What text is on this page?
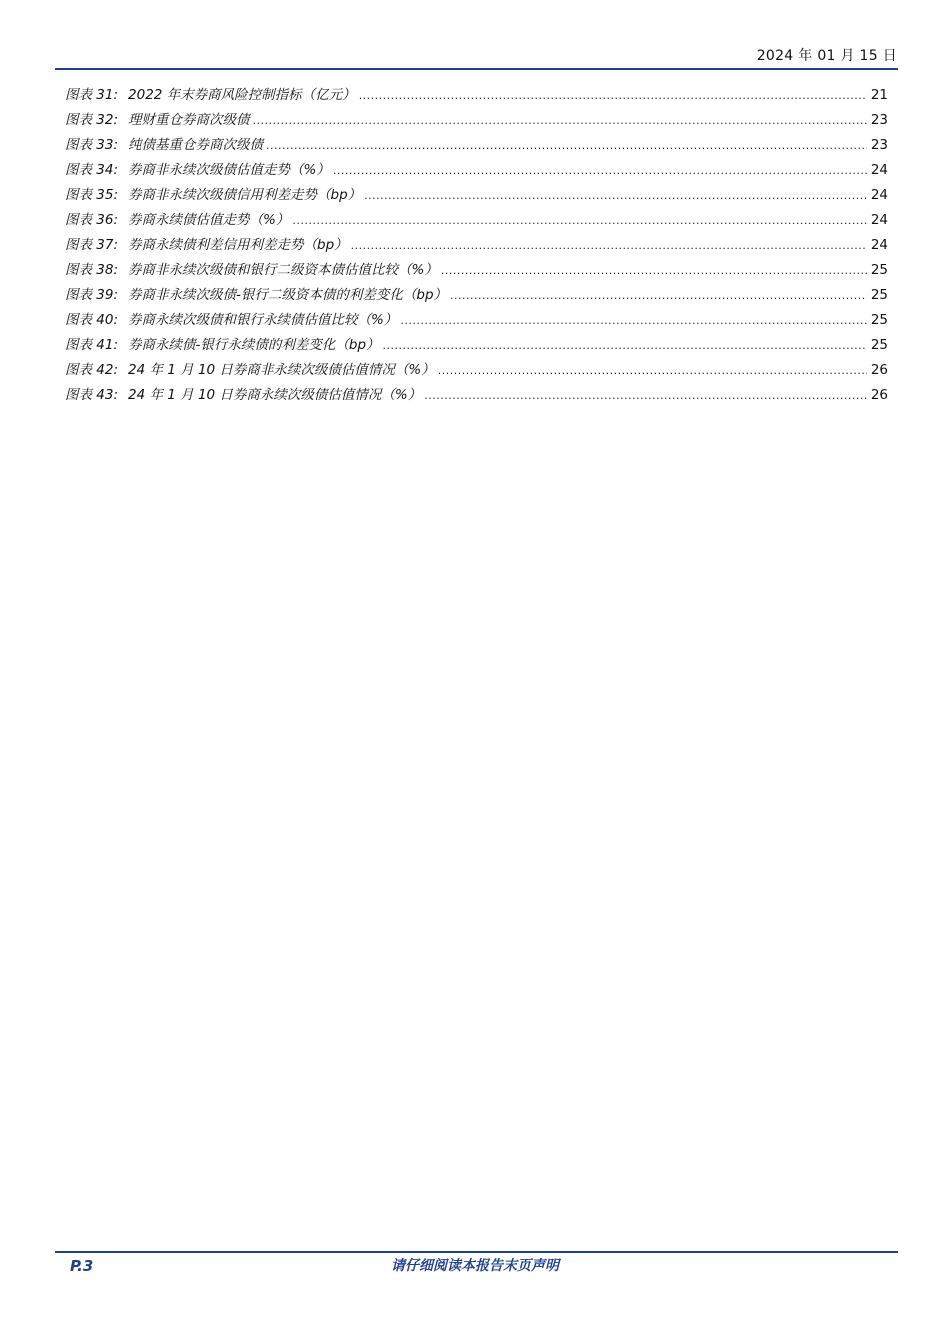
2024 年 01 月 15 日
图表 31: 2022 年末券商风险控制指标（亿元） .....	21
图表 32: 理财重仓券商次级债 .....	23
图表 33: 纯债基重仓券商次级债 .....	23
图表 34: 券商非永续次级债估值走势（%） .....	24
图表 35: 券商非永续次级债信用利差走势（bp） .....	24
图表 36: 券商永续债估值走势（%） .....	24
图表 37: 券商永续债利差信用利差走势（bp） .....	24
图表 38: 券商非永续次级债和银行二级资本债估值比较（%） .....	25
图表 39: 券商非永续次级债-银行二级资本债的利差变化（bp） .....	25
图表 40: 券商永续次级债和银行永续债估值比较（%） .....	25
图表 41: 券商永续债-银行永续债的利差变化（bp） .....	25
图表 42: 24 年 1 月 10 日券商非永续次级债估值情况（%） .....	26
图表 43: 24 年 1 月 10 日券商永续次级债估值情况（%） .....	26
P.3	请仔细阅读本报告末页声明
